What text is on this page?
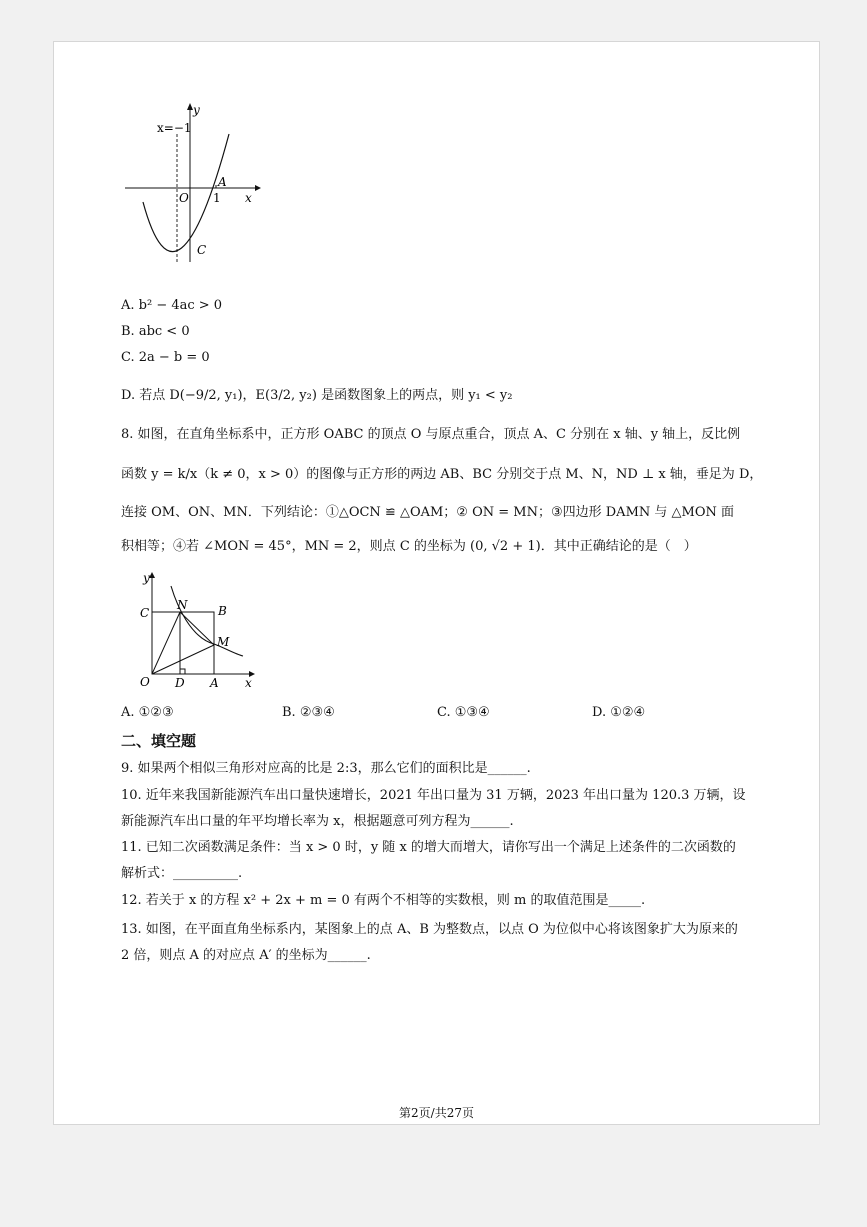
y
x=−1
O 1
A
x
C
A. b² − 4ac > 0
B. abc < 0
C. 2a − b = 0
D. 若点 D(−9/2, y₁)，E(3/2, y₂) 是函数图象上的两点，则 y₁ < y₂
8. 如图，在直角坐标系中，正方形 OABC 的顶点 O 与原点重合，顶点 A、C 分别在 x 轴、y 轴上，反比例
函数 y = k/x（k ≠ 0，x > 0）的图像与正方形的两边 AB、BC 分别交于点 M、N，ND ⊥ x 轴，垂足为 D，
连接 OM、ON、MN．下列结论：①△OCN ≌ △OAM；② ON = MN；③四边形 DAMN 与 △MON 面
积相等；④若 ∠MON = 45°，MN = 2，则点 C 的坐标为 (0, √2 + 1)．其中正确结论的是（　）
y
C
N	B
M
O D A x
A. ①②③	B. ②③④	C. ①③④	D. ①②④
二、填空题
9. 如果两个相似三角形对应高的比是 2:3，那么它们的面积比是______.
10. 近年来我国新能源汽车出口量快速增长，2021 年出口量为 31 万辆，2023 年出口量为 120.3 万辆，设
新能源汽车出口量的年平均增长率为 x，根据题意可列方程为______.
11. 已知二次函数满足条件：当 x > 0 时，y 随 x 的增大而增大，请你写出一个满足上述条件的二次函数的
解析式：__________.
12. 若关于 x 的方程 x² + 2x + m = 0 有两个不相等的实数根，则 m 的取值范围是_____.
13. 如图，在平面直角坐标系内，某图象上的点 A、B 为整数点，以点 O 为位似中心将该图象扩大为原来的
2 倍，则点 A 的对应点 A′ 的坐标为______.
第2页/共27页
